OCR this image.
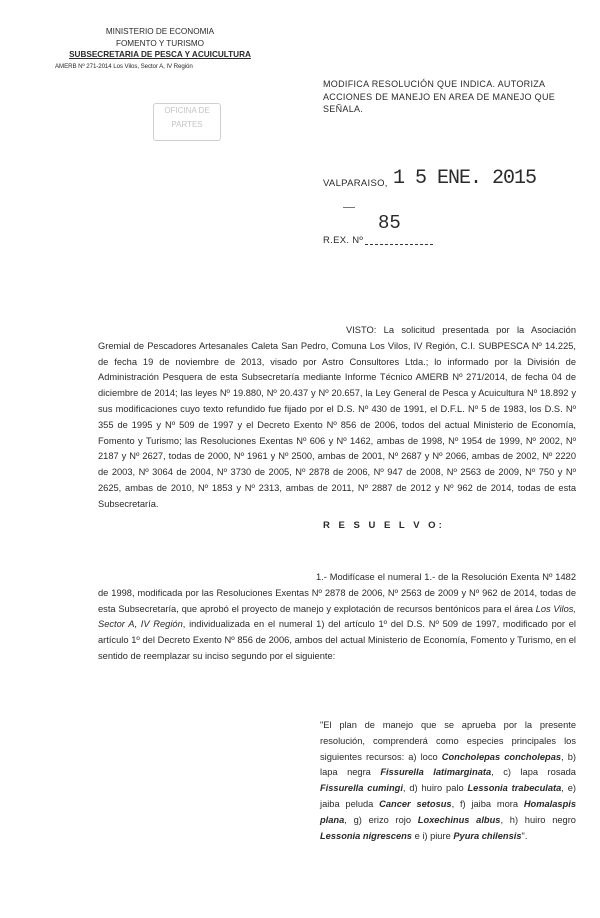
MINISTERIO DE ECONOMIA
FOMENTO Y TURISMO
SUBSECRETARIA DE PESCA Y ACUICULTURA
AMERB Nº 271-2014 Los Vilos, Sector A, IV Región
OFICINA DE
PARTES
MODIFICA RESOLUCIÓN QUE INDICA. AUTORIZA ACCIONES DE MANEJO EN AREA DE MANEJO QUE SEÑALA.
VALPARAISO, 1 5 ENE. 2015
85
R.EX. Nº
VISTO: La solicitud presentada por la Asociación Gremial de Pescadores Artesanales Caleta San Pedro, Comuna Los Vilos, IV Región, C.I. SUBPESCA Nº 14.225, de fecha 19 de noviembre de 2013, visado por Astro Consultores Ltda.; lo informado por la División de Administración Pesquera de esta Subsecretaría mediante Informe Técnico AMERB Nº 271/2014, de fecha 04 de diciembre de 2014; las leyes Nº 19.880, Nº 20.437 y Nº 20.657, la Ley General de Pesca y Acuicultura Nº 18.892 y sus modificaciones cuyo texto refundido fue fijado por el D.S. Nº 430 de 1991, el D.F.L. Nº 5 de 1983, los D.S. Nº 355 de 1995 y Nº 509 de 1997 y el Decreto Exento Nº 856 de 2006, todos del actual Ministerio de Economía, Fomento y Turismo; las Resoluciones Exentas Nº 606 y Nº 1462, ambas de 1998, Nº 1954 de 1999, Nº 2002, Nº 2187 y Nº 2627, todas de 2000, Nº 1961 y Nº 2500, ambas de 2001, Nº 2687 y Nº 2066, ambas de 2002, Nº 2220 de 2003, Nº 3064 de 2004, Nº 3730 de 2005, Nº 2878 de 2006, Nº 947 de 2008, Nº 2563 de 2009, Nº 750 y Nº 2625, ambas de 2010, Nº 1853 y Nº 2313, ambas de 2011, Nº 2887 de 2012 y Nº 962 de 2014, todas de esta Subsecretaría.
R E S U E L V O:
1.- Modifícase el numeral 1.- de la Resolución Exenta Nº 1482 de 1998, modificada por las Resoluciones Exentas Nº 2878 de 2006, Nº 2563 de 2009 y Nº 962 de 2014, todas de esta Subsecretaría, que aprobó el proyecto de manejo y explotación de recursos bentónicos para el área Los Vilos, Sector A, IV Región, individualizada en el numeral 1) del artículo 1º del D.S. Nº 509 de 1997, modificado por el artículo 1º del Decreto Exento Nº 856 de 2006, ambos del actual Ministerio de Economía, Fomento y Turismo, en el sentido de reemplazar su inciso segundo por el siguiente:
"El plan de manejo que se aprueba por la presente resolución, comprenderá como especies principales los siguientes recursos: a) loco Concholepas concholepas, b) lapa negra Fissurella latimarginata, c) lapa rosada Fissurella cumingi, d) huiro palo Lessonia trabeculata, e) jaiba peluda Cancer setosus, f) jaiba mora Homalaspis plana, g) erizo rojo Loxechinus albus, h) huiro negro Lessonia nigrescens e i) piure Pyura chilensis".
